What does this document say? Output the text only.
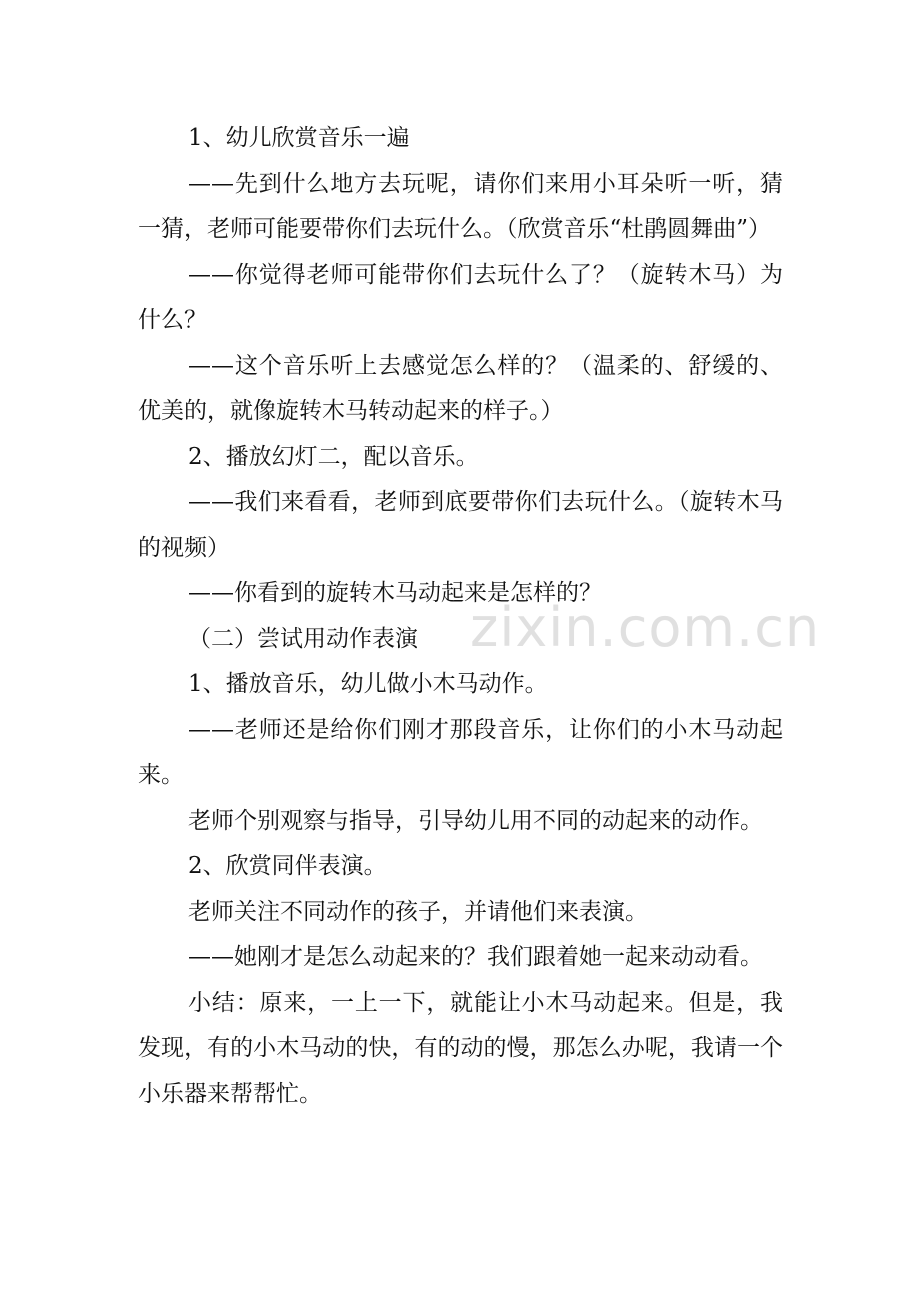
1、幼儿欣赏音乐一遍

——先到什么地方去玩呢，请你们来用小耳朵听一听，猜一猜，老师可能要带你们去玩什么。（欣赏音乐“杜鹃圆舞曲”）

——你觉得老师可能带你们去玩什么了？（旋转木马）为什么？

——这个音乐听上去感觉怎么样的？（温柔的、舒缓的、优美的，就像旋转木马转动起来的样子。）

2、播放幻灯二，配以音乐。

——我们来看看，老师到底要带你们去玩什么。（旋转木马的视频）

——你看到的旋转木马动起来是怎样的？

（二）尝试用动作表演

1、播放音乐，幼儿做小木马动作。

——老师还是给你们刚才那段音乐，让你们的小木马动起来。

老师个别观察与指导，引导幼儿用不同的动起来的动作。

2、欣赏同伴表演。

老师关注不同动作的孩子，并请他们来表演。

——她刚才是怎么动起来的？我们跟着她一起来动动看。

小结：原来，一上一下，就能让小木马动起来。但是，我发现，有的小木马动的快，有的动的慢，那怎么办呢，我请一个小乐器来帮帮忙。

zixin.com.cn
